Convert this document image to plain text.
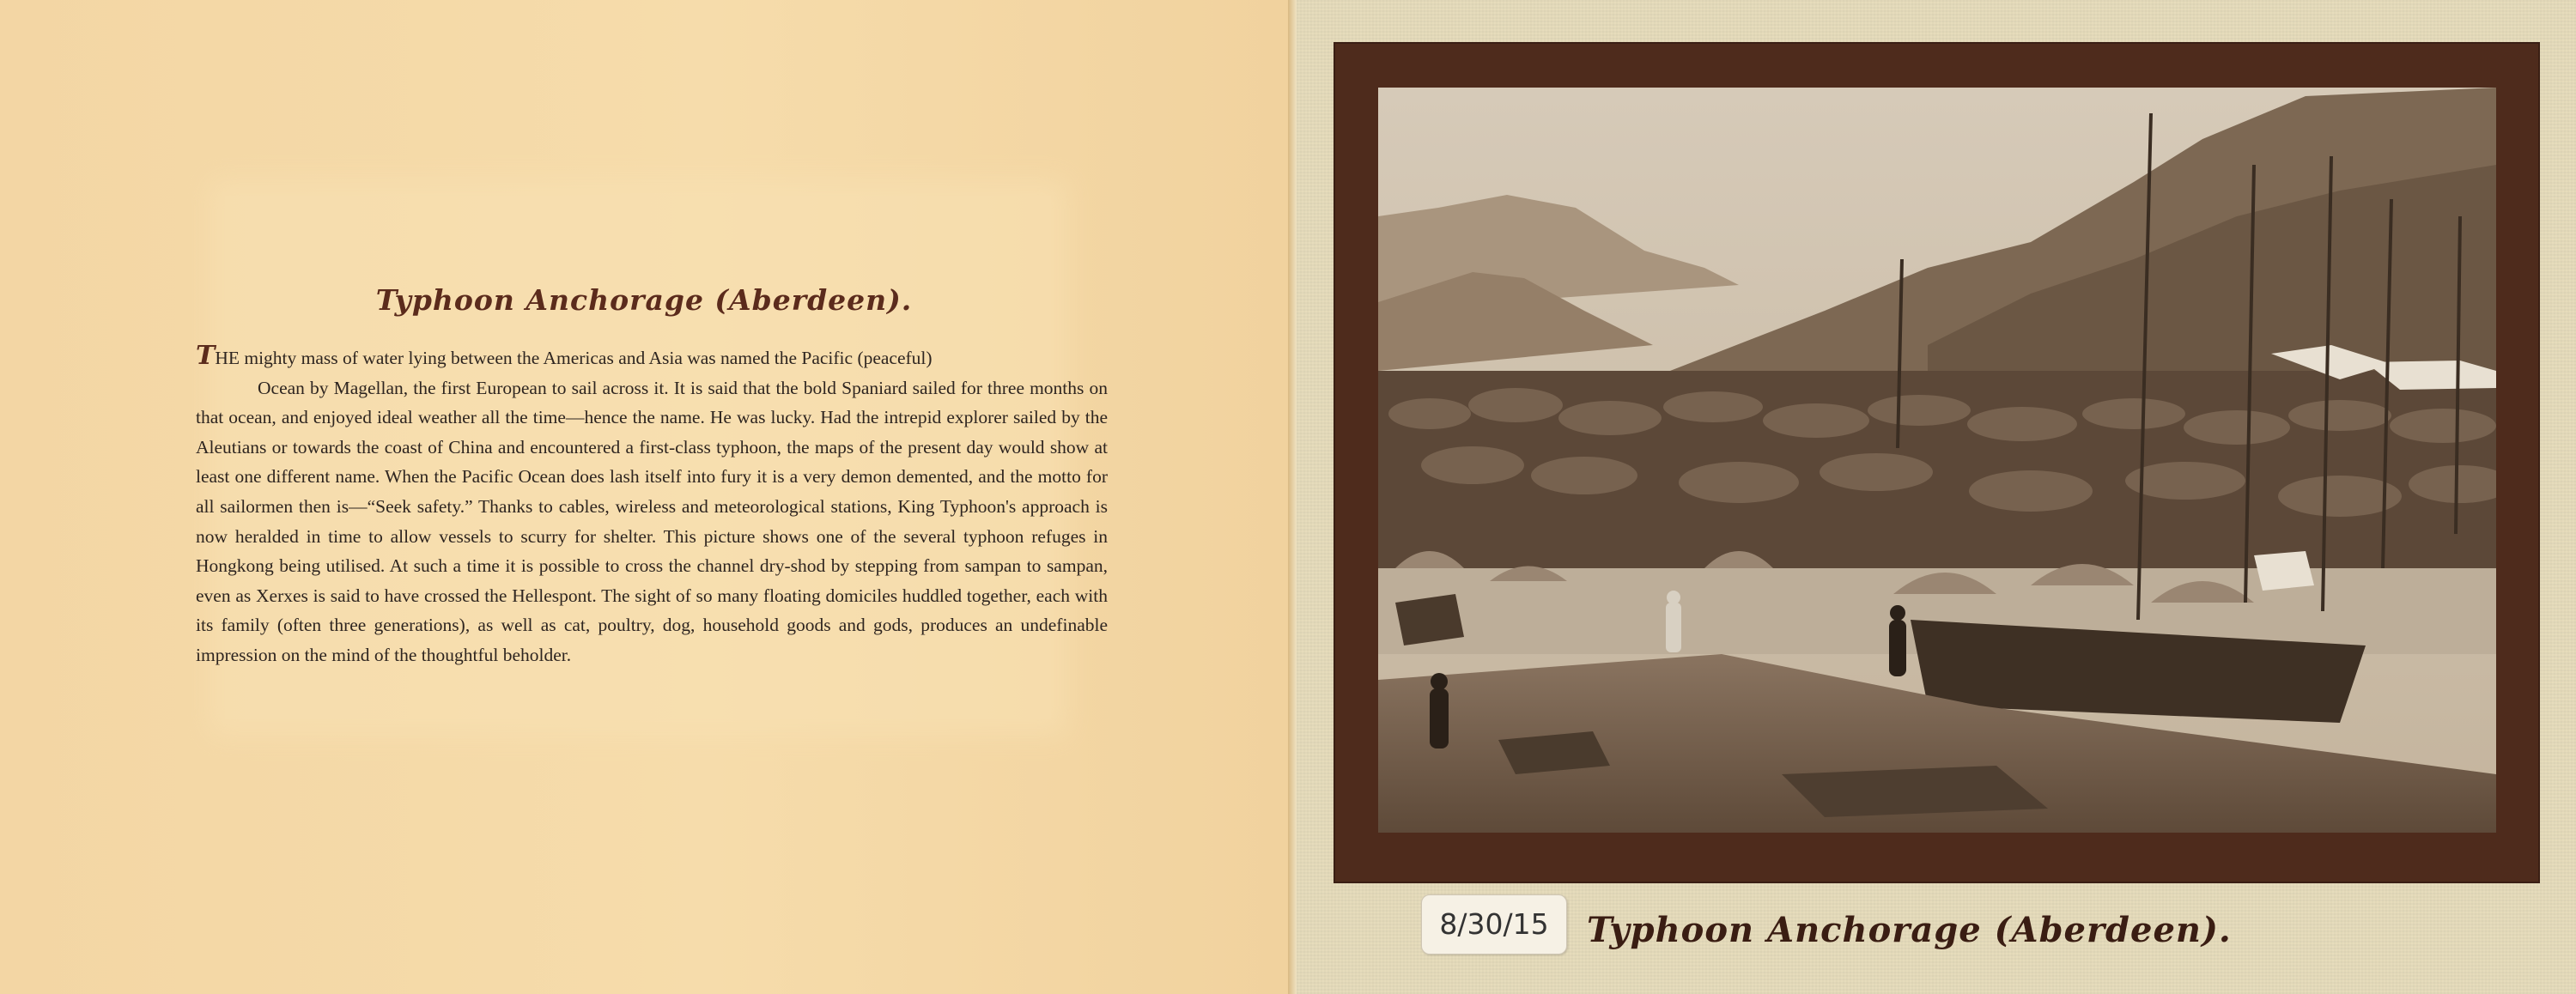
Typhoon Anchorage (Aberdeen).
THE mighty mass of water lying between the Americas and Asia was named the Pacific (peaceful)
Ocean by Magellan, the first European to sail across it. It is said that the bold Spaniard sailed for three months on that ocean, and enjoyed ideal weather all the time—hence the name. He was lucky. Had the intrepid explorer sailed by the Aleutians or towards the coast of China and encountered a first-class typhoon, the maps of the present day would show at least one different name. When the Pacific Ocean does lash itself into fury it is a very demon demented, and the motto for all sailormen then is—“Seek safety.” Thanks to cables, wireless and meteorological stations, King Typhoon's approach is now heralded in time to allow vessels to scurry for shelter. This picture shows one of the several typhoon refuges in Hongkong being utilised. At such a time it is possible to cross the channel dry-shod by stepping from sampan to sampan, even as Xerxes is said to have crossed the Hellespont. The sight of so many floating domiciles huddled together, each with its family (often three generations), as well as cat, poultry, dog, household goods and gods, produces an undefinable impression on the mind of the thoughtful beholder.
8/30/15	Typhoon Anchorage (Aberdeen).
